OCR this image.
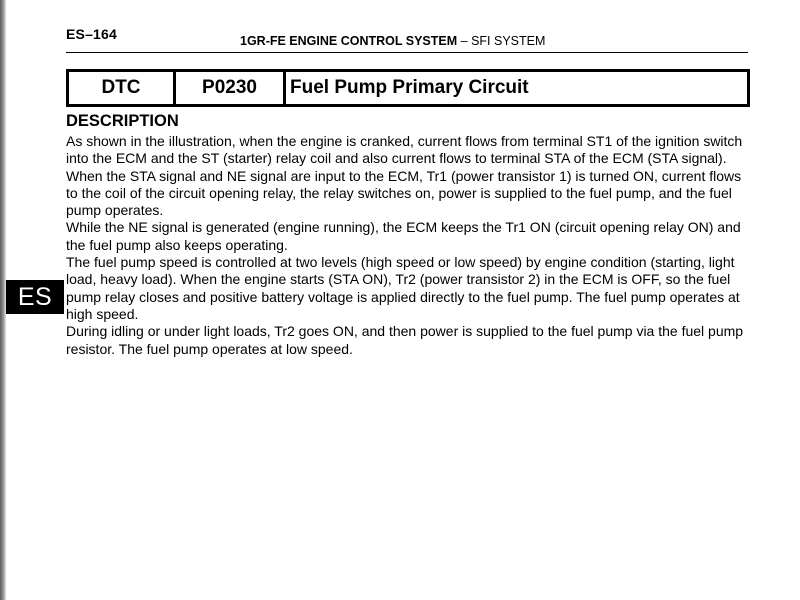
ES–164	1GR-FE ENGINE CONTROL SYSTEM – SFI SYSTEM
DTC	P0230	Fuel Pump Primary Circuit
DESCRIPTION

As shown in the illustration, when the engine is cranked, current flows from terminal ST1 of the ignition switch into the ECM and the ST (starter) relay coil and also current flows to terminal STA of the ECM (STA signal).

When the STA signal and NE signal are input to the ECM, Tr1 (power transistor 1) is turned ON, current flows to the coil of the circuit opening relay, the relay switches on, power is supplied to the fuel pump, and the fuel pump operates.

While the NE signal is generated (engine running), the ECM keeps the Tr1 ON (circuit opening relay ON) and the fuel pump also keeps operating.

The fuel pump speed is controlled at two levels (high speed or low speed) by engine condition (starting, light load, heavy load). When the engine starts (STA ON), Tr2 (power transistor 2) in the ECM is OFF, so the fuel pump relay closes and positive battery voltage is applied directly to the fuel pump. The fuel pump operates at high speed.

During idling or under light loads, Tr2 goes ON, and then power is supplied to the fuel pump via the fuel pump resistor. The fuel pump operates at low speed.

ES
